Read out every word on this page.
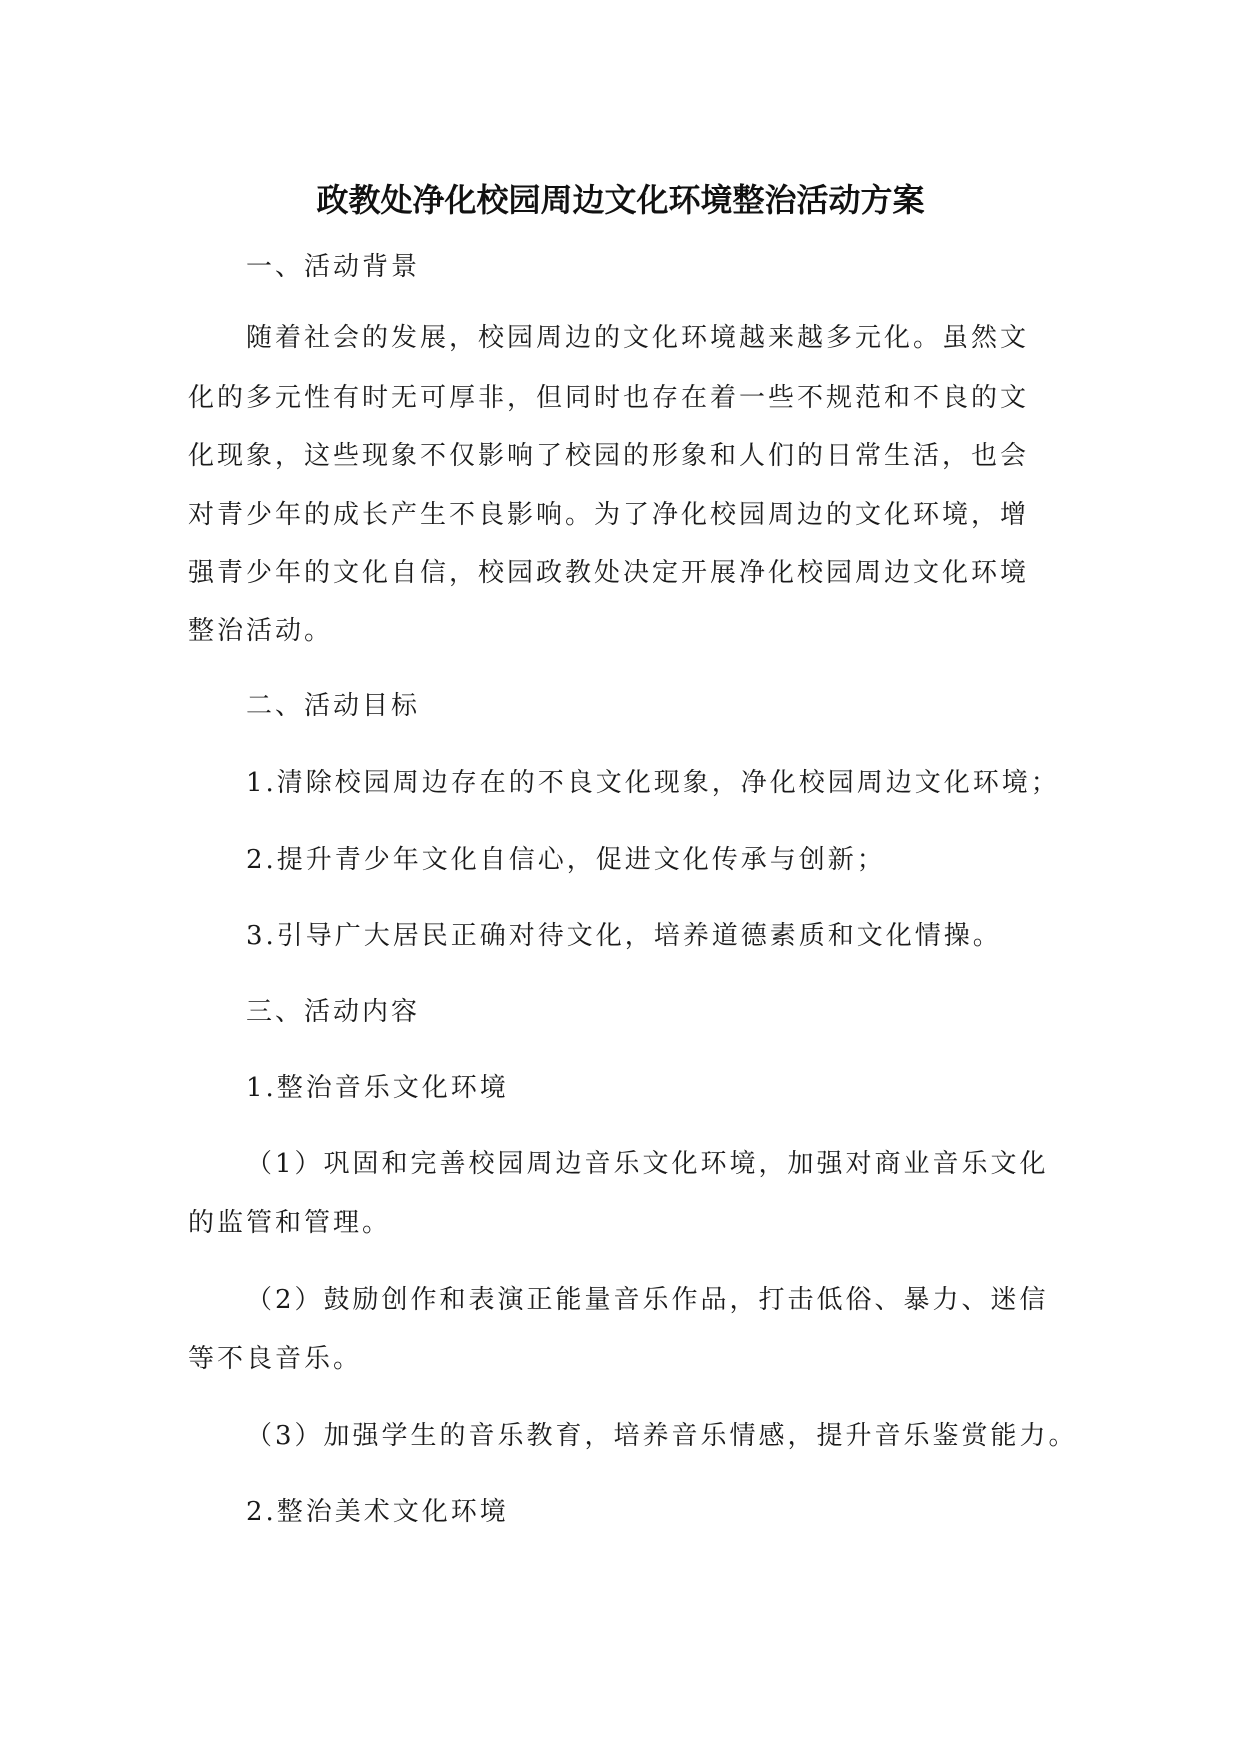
政教处净化校园周边文化环境整治活动方案
一、活动背景
随着社会的发展，校园周边的文化环境越来越多元化。虽然文
化的多元性有时无可厚非，但同时也存在着一些不规范和不良的文
化现象，这些现象不仅影响了校园的形象和人们的日常生活，也会
对青少年的成长产生不良影响。为了净化校园周边的文化环境，增
强青少年的文化自信，校园政教处决定开展净化校园周边文化环境
整治活动。
二、活动目标
1.清除校园周边存在的不良文化现象，净化校园周边文化环境；
2.提升青少年文化自信心，促进文化传承与创新；
3.引导广大居民正确对待文化，培养道德素质和文化情操。
三、活动内容
1.整治音乐文化环境
（1）巩固和完善校园周边音乐文化环境，加强对商业音乐文化
的监管和管理。
（2）鼓励创作和表演正能量音乐作品，打击低俗、暴力、迷信
等不良音乐。
（3）加强学生的音乐教育，培养音乐情感，提升音乐鉴赏能力。
2.整治美术文化环境
